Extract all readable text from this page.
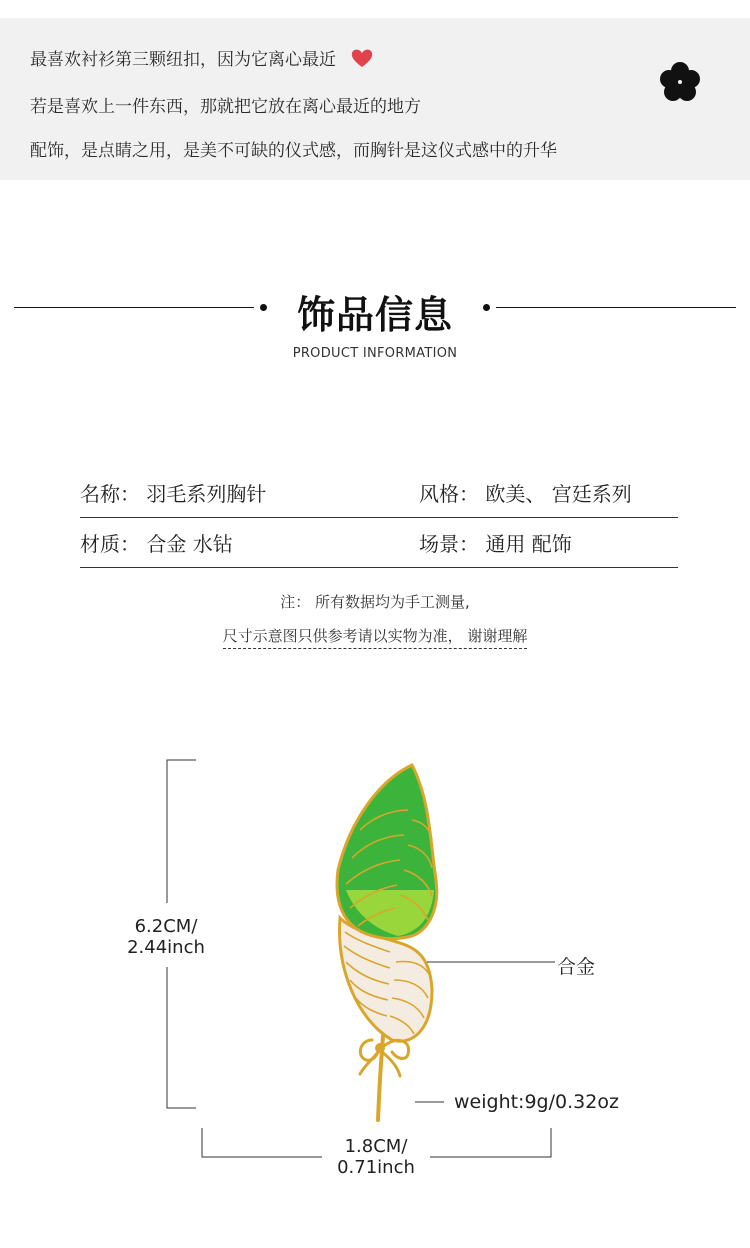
最喜欢衬衫第三颗纽扣，因为它离心最近
若是喜欢上一件东西，那就把它放在离心最近的地方
配饰，是点睛之用，是美不可缺的仪式感，而胸针是这仪式感中的升华
饰品信息
PRODUCT INFORMATION
名称： 羽毛系列胸针	风格： 欧美、 宫廷系列
材质： 合金 水钻	场景： 通用 配饰
注： 所有数据均为手工测量,
尺寸示意图只供参考请以实物为准， 谢谢理解
6.2CM/
2.44inch
1.8CM/
0.71inch
合金
weight:9g/0.32oz
